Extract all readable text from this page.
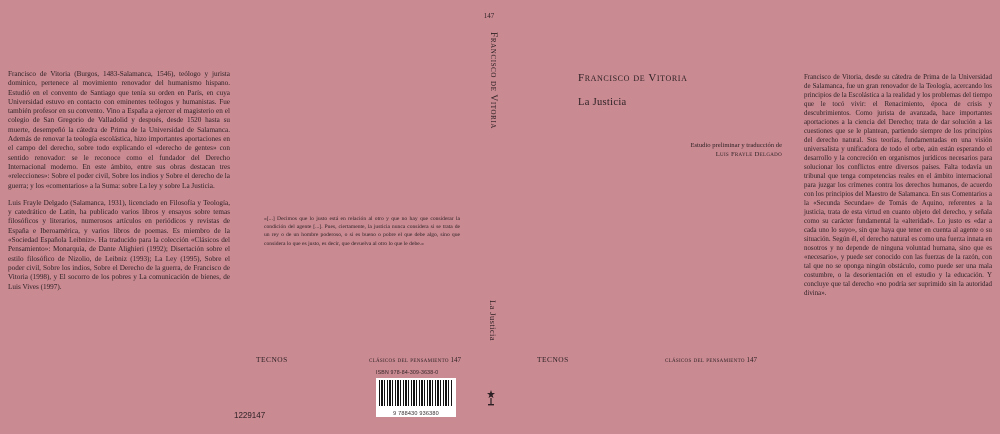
Francisco de Vitoria (Burgos, 1483-Salamanca, 1546), teólogo y jurista dominico, pertenece al movimiento renovador del humanismo hispano. Estudió en el convento de Santiago que tenía su orden en París, en cuya Universidad estuvo en contacto con eminentes teólogos y humanistas. Fue también profesor en su convento. Vino a España a ejercer el magisterio en el colegio de San Gregorio de Valladolid y después, desde 1520 hasta su muerte, desempeñó la cátedra de Prima de la Universidad de Salamanca. Además de renovar la teología escolástica, hizo importantes aportaciones en el campo del derecho, sobre todo explicando el «derecho de gentes» con sentido renovador: se le reconoce como el fundador del Derecho Internacional moderno. En este ámbito, entre sus obras destacan tres «relecciones»: Sobre el poder civil, Sobre los indios y Sobre el derecho de la guerra; y los «comentarios» a la Suma: sobre La ley y sobre La Justicia.

Luis Frayle Delgado (Salamanca, 1931), licenciado en Filosofía y Teología, y catedrático de Latín, ha publicado varios libros y ensayos sobre temas filosóficos y literarios, numerosos artículos en periódicos y revistas de España e Iberoamérica, y varios libros de poemas. Es miembro de la «Sociedad Española Leibniz». Ha traducido para la colección «Clásicos del Pensamiento»: Monarquía, de Dante Alighieri (1992); Disertación sobre el estilo filosófico de Nizolio, de Leibniz (1993); La Ley (1995), Sobre el poder civil, Sobre los indios, Sobre el Derecho de la guerra, de Francisco de Vitoria (1998), y El socorro de los pobres y La comunicación de bienes, de Luis Vives (1997).

«[...] Decimos que lo justo está en relación al otro y que no hay que considerar la condición del agente [...]. Pues, ciertamente, la justicia nunca considera si se trata de un rey o de un hombre poderoso, o si es bueno o pobre el que debe algo, sino que considera lo que es justo, es decir, que devuelva al otro lo que le debe.»
TECNOS	clásicos del pensamiento 147
ISBN 978-84-309-3638-0
9 788430 936380
1229147
147
Francisco de Vitoria
La Justicia
Francisco de Vitoria
La Justicia
Estudio preliminar y traducción de
Luis Frayle Delgado
TECNOS	clásicos del pensamiento 147

Francisco de Vitoria, desde su cátedra de Prima de la Universidad de Salamanca, fue un gran renovador de la Teología, acercando los principios de la Escolástica a la realidad y los problemas del tiempo que le tocó vivir: el Renacimiento, época de crisis y descubrimientos. Como jurista de avanzada, hace importantes aportaciones a la ciencia del Derecho; trata de dar solución a las cuestiones que se le plantean, partiendo siempre de los principios del derecho natural. Sus teorías, fundamentadas en una visión universalista y unificadora de todo el orbe, aún están esperando el desarrollo y la concreción en organismos jurídicos necesarios para solucionar los conflictos entre diversos países. Falta todavía un tribunal que tenga competencias reales en el ámbito internacional para juzgar los crímenes contra los derechos humanos, de acuerdo con los principios del Maestro de Salamanca. En sus Comentarios a la «Secunda Secundae» de Tomás de Aquino, referentes a la justicia, trata de esta virtud en cuanto objeto del derecho, y señala como su carácter fundamental la «alteridad». Lo justo es «dar a cada uno lo suyo», sin que haya que tener en cuenta al agente o su situación. Según él, el derecho natural es como una fuerza innata en nosotros y no depende de ninguna voluntad humana, sino que es «necesario», y puede ser conocido con las fuerzas de la razón, con tal que no se oponga ningún obstáculo, como puede ser una mala costumbre, o la desorientación en el estudio y la educación. Y concluye que tal derecho «no podría ser suprimido sin la autoridad divina».
